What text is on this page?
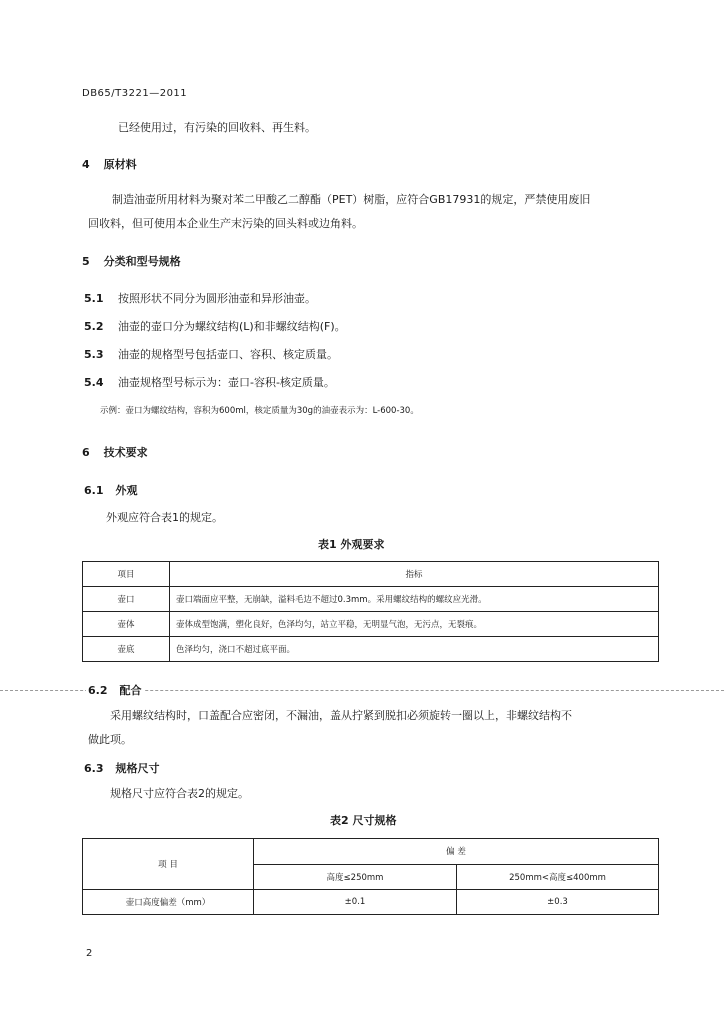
DB65/T3221—2011
已经使用过，有污染的回收料、再生料。
4 原材料
制造油壶所用材料为聚对苯二甲酸乙二醇酯（PET）树脂，应符合GB17931的规定，严禁使用废旧
回收料，但可使用本企业生产末污染的回头料或边角料。
5 分类和型号规格
5.1 按照形状不同分为圆形油壶和异形油壶。
5.2 油壶的壶口分为螺纹结构(L)和非螺纹结构(F)。
5.3 油壶的规格型号包括壶口、容积、核定质量。
5.4 油壶规格型号标示为：壶口-容积-核定质量。
示例：壶口为螺纹结构，容积为600ml，核定质量为30g的油壶表示为：L-600-30。
6 技术要求
6.1 外观
外观应符合表1的规定。
表1 外观要求
项目	指标
壶口	壶口端面应平整，无崩缺，溢料毛边不超过0.3mm。采用螺纹结构的螺纹应光滑。
壶体	壶体成型饱满，塑化良好，色泽均匀，站立平稳，无明显气泡，无污点，无裂痕。
壶底	色泽均匀，浇口不超过底平面。
6.2 配合
采用螺纹结构时，口盖配合应密闭，不漏油，盖从拧紧到脱扣必须旋转一圈以上，非螺纹结构不
做此项。
6.3 规格尺寸
规格尺寸应符合表2的规定。
表2 尺寸规格
项 目	偏 差	
	高度≤250mm	250mm<高度≤400mm
壶口高度偏差（mm）	±0.1	±0.3
2
